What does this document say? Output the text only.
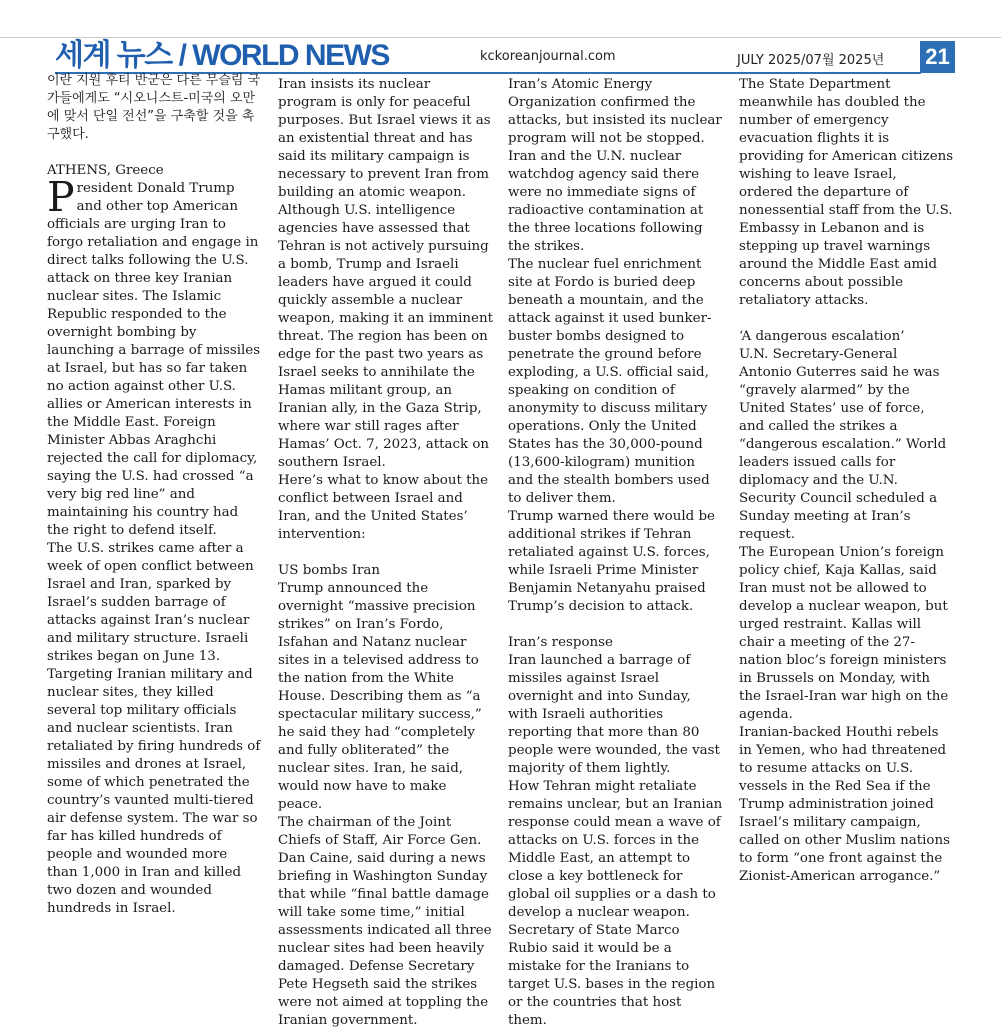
세계 뉴스 / WORLD NEWS	kckoreanjournal.com	JULY 2025/07월 2025년 21

이란 지원 후티 반군은 다른 무슬림 국가들에게도 “시오니스트-미국의 오만에 맞서 단일 전선”을 구축할 것을 촉구했다.

ATHENS, Greece

President Donald Trump and other top American officials are urging Iran to forgo retaliation and engage in direct talks following the U.S. attack on three key Iranian nuclear sites. The Islamic Republic responded to the overnight bombing by launching a barrage of missiles at Israel, but has so far taken no action against other U.S. allies or American interests in the Middle East. Foreign Minister Abbas Araghchi rejected the call for diplomacy, saying the U.S. had crossed “a very big red line” and maintaining his country had the right to defend itself.

The U.S. strikes came after a week of open conflict between Israel and Iran, sparked by Israel’s sudden barrage of attacks against Iran’s nuclear and military structure. Israeli strikes began on June 13. Targeting Iranian military and nuclear sites, they killed several top military officials and nuclear scientists. Iran retaliated by firing hundreds of missiles and drones at Israel, some of which penetrated the country’s vaunted multi-tiered air defense system. The war so far has killed hundreds of people and wounded more than 1,000 in Iran and killed two dozen and wounded hundreds in Israel.

Iran insists its nuclear program is only for peaceful purposes. But Israel views it as an existential threat and has said its military campaign is necessary to prevent Iran from building an atomic weapon. Although U.S. intelligence agencies have assessed that Tehran is not actively pursuing a bomb, Trump and Israeli leaders have argued it could quickly assemble a nuclear weapon, making it an imminent threat. The region has been on edge for the past two years as Israel seeks to annihilate the Hamas militant group, an Iranian ally, in the Gaza Strip, where war still rages after Hamas’ Oct. 7, 2023, attack on southern Israel.

Here’s what to know about the conflict between Israel and Iran, and the United States’ intervention:

US bombs Iran

Trump announced the overnight “massive precision strikes” on Iran’s Fordo, Isfahan and Natanz nuclear sites in a televised address to the nation from the White House. Describing them as “a spectacular military success,” he said they had “completely and fully obliterated” the nuclear sites. Iran, he said, would now have to make peace.

The chairman of the Joint Chiefs of Staff, Air Force Gen. Dan Caine, said during a news briefing in Washington Sunday that while “final battle damage will take some time,” initial assessments indicated all three nuclear sites had been heavily damaged. Defense Secretary Pete Hegseth said the strikes were not aimed at toppling the Iranian government.

Iran’s Atomic Energy Organization confirmed the attacks, but insisted its nuclear program will not be stopped.

Iran and the U.N. nuclear watchdog agency said there were no immediate signs of radioactive contamination at the three locations following the strikes.

The nuclear fuel enrichment site at Fordo is buried deep beneath a mountain, and the attack against it used bunker-buster bombs designed to penetrate the ground before exploding, a U.S. official said, speaking on condition of anonymity to discuss military operations. Only the United States has the 30,000-pound (13,600-kilogram) munition and the stealth bombers used to deliver them.

Trump warned there would be additional strikes if Tehran retaliated against U.S. forces, while Israeli Prime Minister Benjamin Netanyahu praised Trump’s decision to attack.

Iran’s response

Iran launched a barrage of missiles against Israel overnight and into Sunday, with Israeli authorities reporting that more than 80 people were wounded, the vast majority of them lightly.

How Tehran might retaliate remains unclear, but an Iranian response could mean a wave of attacks on U.S. forces in the Middle East, an attempt to close a key bottleneck for global oil supplies or a dash to develop a nuclear weapon. Secretary of State Marco Rubio said it would be a mistake for the Iranians to target U.S. bases in the region or the countries that host them.

The State Department meanwhile has doubled the number of emergency evacuation flights it is providing for American citizens wishing to leave Israel, ordered the departure of nonessential staff from the U.S. Embassy in Lebanon and is stepping up travel warnings around the Middle East amid concerns about possible retaliatory attacks.

‘A dangerous escalation’

U.N. Secretary-General Antonio Guterres said he was “gravely alarmed” by the United States’ use of force, and called the strikes a “dangerous escalation.” World leaders issued calls for diplomacy and the U.N. Security Council scheduled a Sunday meeting at Iran’s request.

The European Union’s foreign policy chief, Kaja Kallas, said Iran must not be allowed to develop a nuclear weapon, but urged restraint. Kallas will chair a meeting of the 27-nation bloc’s foreign ministers in Brussels on Monday, with the Israel-Iran war high on the agenda.

Iranian-backed Houthi rebels in Yemen, who had threatened to resume attacks on U.S. vessels in the Red Sea if the Trump administration joined Israel’s military campaign, called on other Muslim nations to form “one front against the Zionist-American arrogance.”
